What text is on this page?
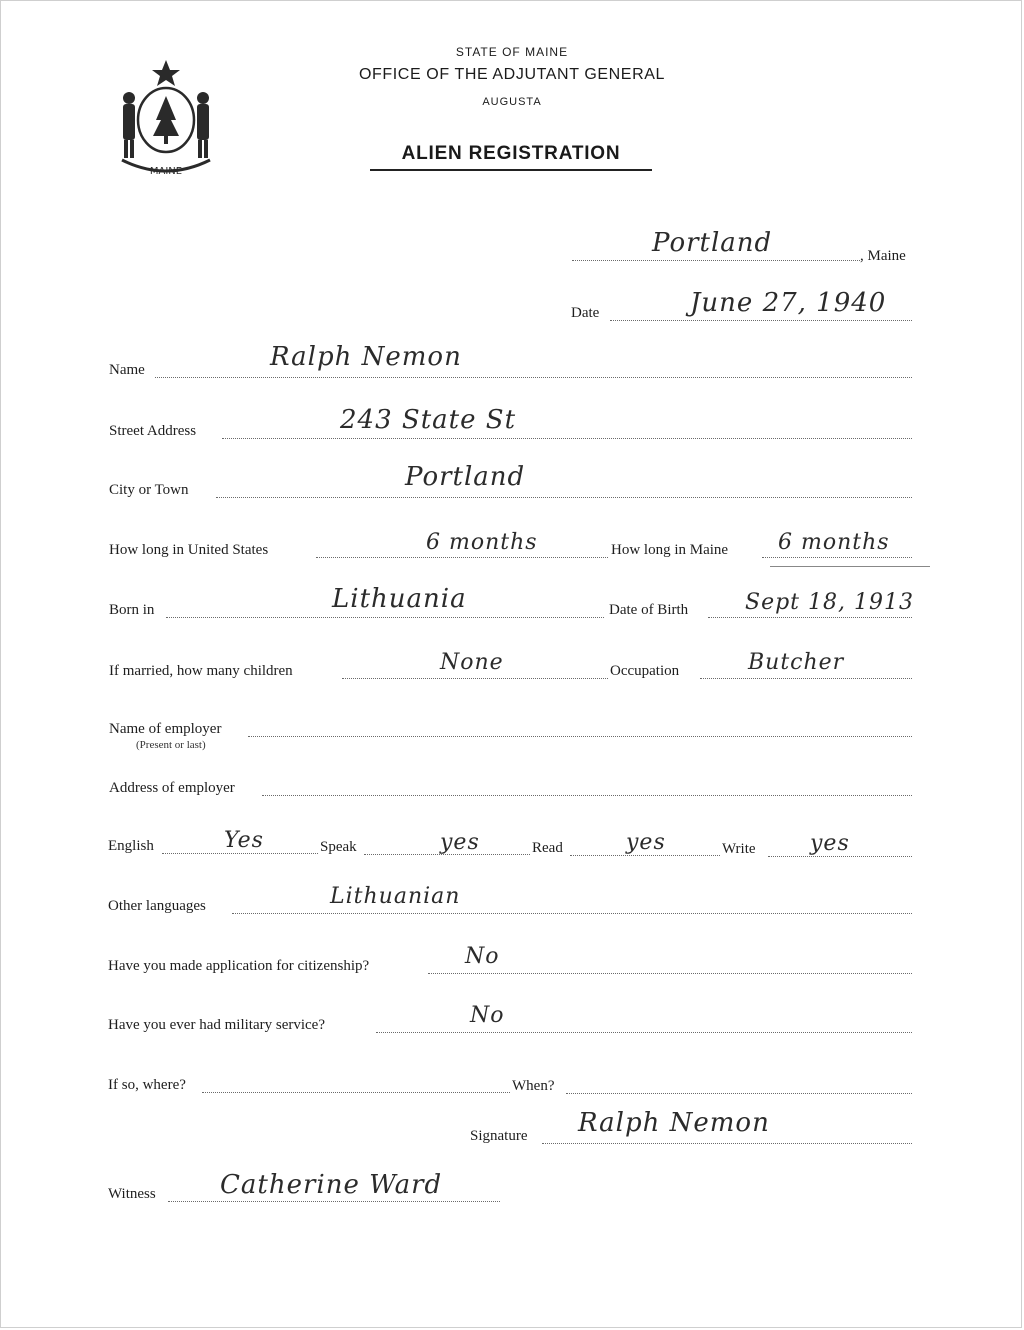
MAINE
STATE OF MAINE
OFFICE OF THE ADJUTANT GENERAL
AUGUSTA
ALIEN REGISTRATION
Portland	, Maine
Date	June 27, 1940
Name	Ralph Nemon
Street Address	243 State St
City or Town	Portland
How long in United States	6 months	How long in Maine 6 months
Born in	Lithuania	Date of Birth	Sept 18, 1913
If married, how many children	None	Occupation	Butcher
Name of employer
(Present or last)
Address of employer
English	Yes	Speak	yes	Read	yes	Write yes
Other languages	Lithuanian
Have you made application for citizenship?	No
Have you ever had military service?	No
If so, where?	When?
Signature Ralph Nemon
Witness Catherine Ward
